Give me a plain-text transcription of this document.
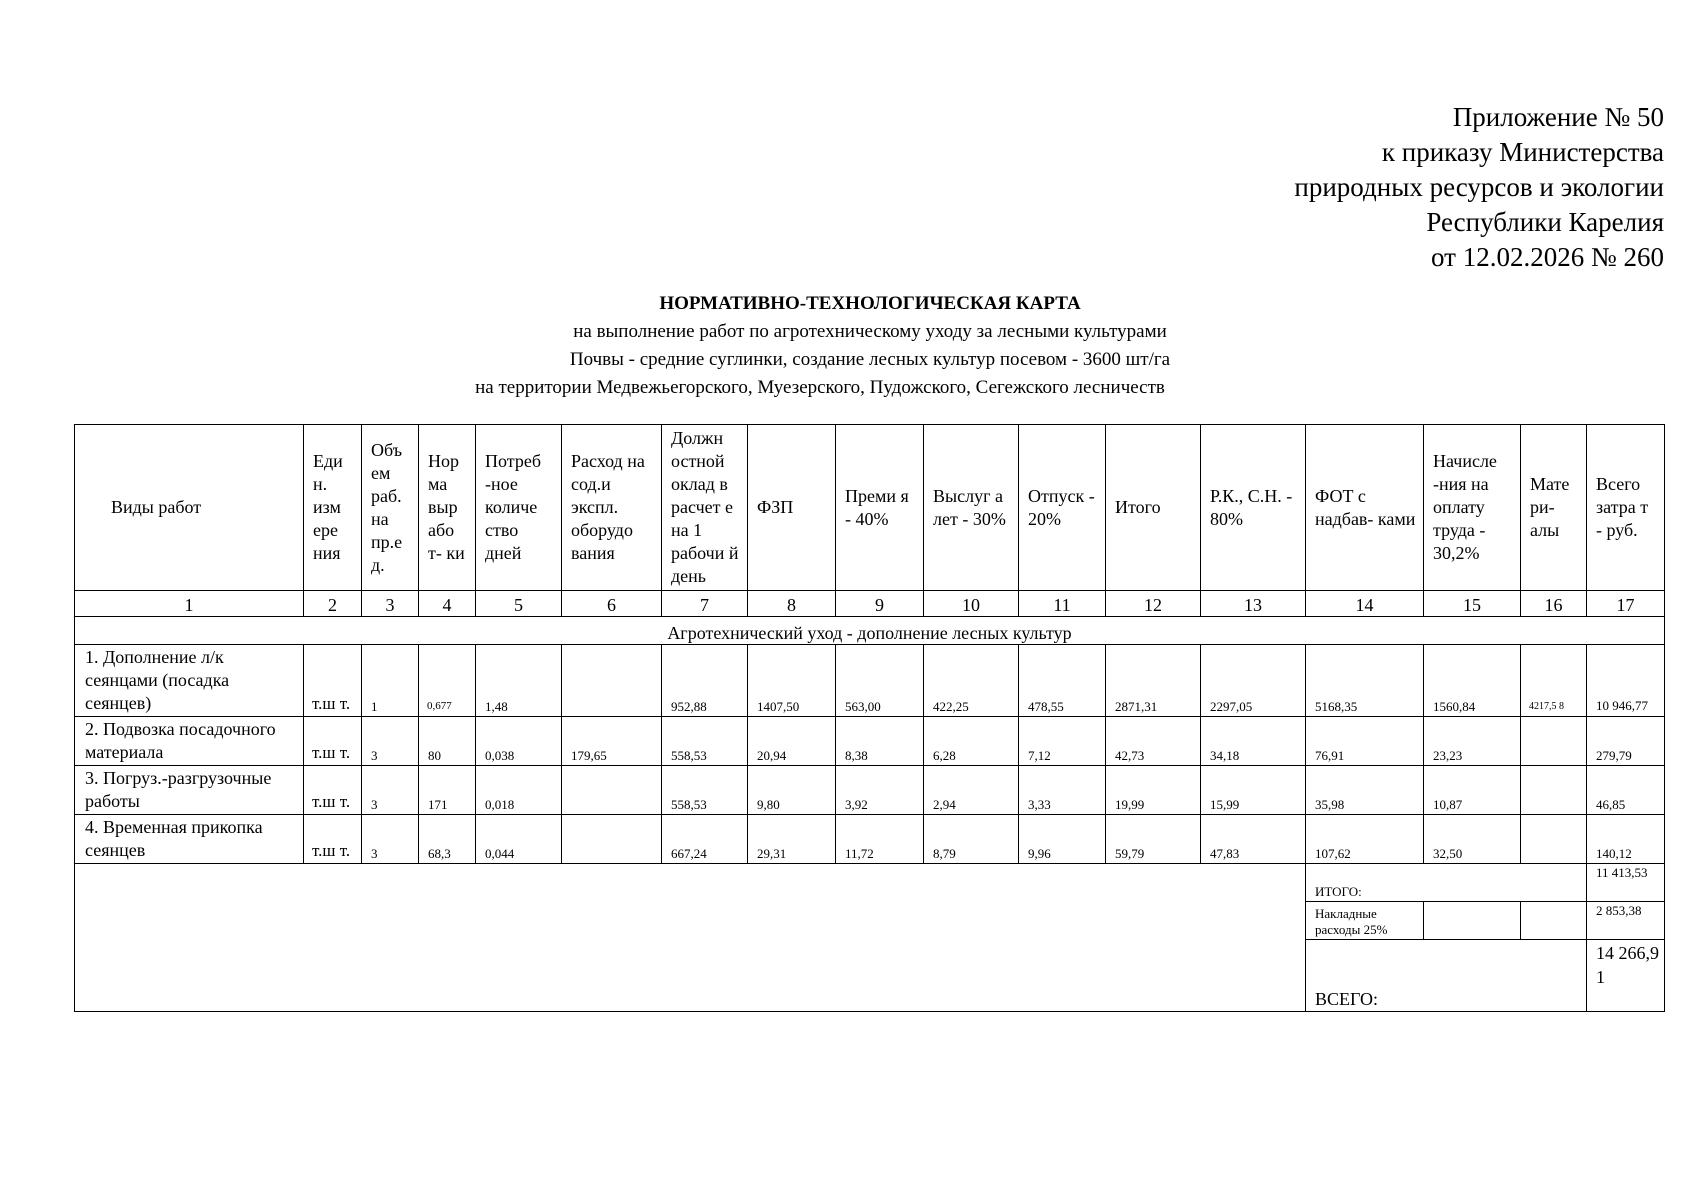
Приложение № 50
к приказу Министерства
природных ресурсов и экологии
Республики Карелия
от 12.02.2026 № 260
НОРМАТИВНО-ТЕХНОЛОГИЧЕСКАЯ КАРТА
на выполнение работ по агротехническому уходу за лесными культурами
Почвы - средние суглинки, создание лесных культур посевом - 3600 шт/га
на территории Медвежьегорского, Муезерского, Пудожского, Сегежского лесничеств
Виды работ	Еди н. изм ере ния	Объ ем раб. на пр.е д.	Нор ма выр або т- ки	Потреб -ное количе ство дней	Расход на сод.и экспл. оборудо вания	Должн остной оклад в расчет е на 1 рабочи й день	ФЗП	Преми я - 40%	Выслуг а лет - 30%	Отпуск - 20%	Итого	Р.К., С.Н. - 80%	ФОТ с надбав- ками	Начисле -ния на оплату труда - 30,2%	Мате ри- алы	Всего затра т - руб.
1	2	3	4	5	6	7	8	9	10	11	12	13	14	15	16	17
Агротехнический уход - дополнение лесных культур																
1. Дополнение л/к сеянцами (посадка сеянцев)	т.ш т.	1	0,677	1,48		952,88	1407,50	563,00	422,25	478,55	2871,31	2297,05	5168,35	1560,84	4217,5 8	10 946,77
2. Подвозка посадочного материала	т.ш т.	3	80	0,038	179,65	558,53	20,94	8,38	6,28	7,12	42,73	34,18	76,91	23,23		279,79
3. Погруз.-разгрузочные работы	т.ш т.	3	171	0,018		558,53	9,80	3,92	2,94	3,33	19,99	15,99	35,98	10,87		46,85
4. Временная прикопка сеянцев	т.ш т.	3	68,3	0,044		667,24	29,31	11,72	8,79	9,96	59,79	47,83	107,62	32,50		140,12
													ИТОГО:			11 413,53
													Накладные расходы 25%			2 853,38
													ВСЕГО:			14 266,9 1
